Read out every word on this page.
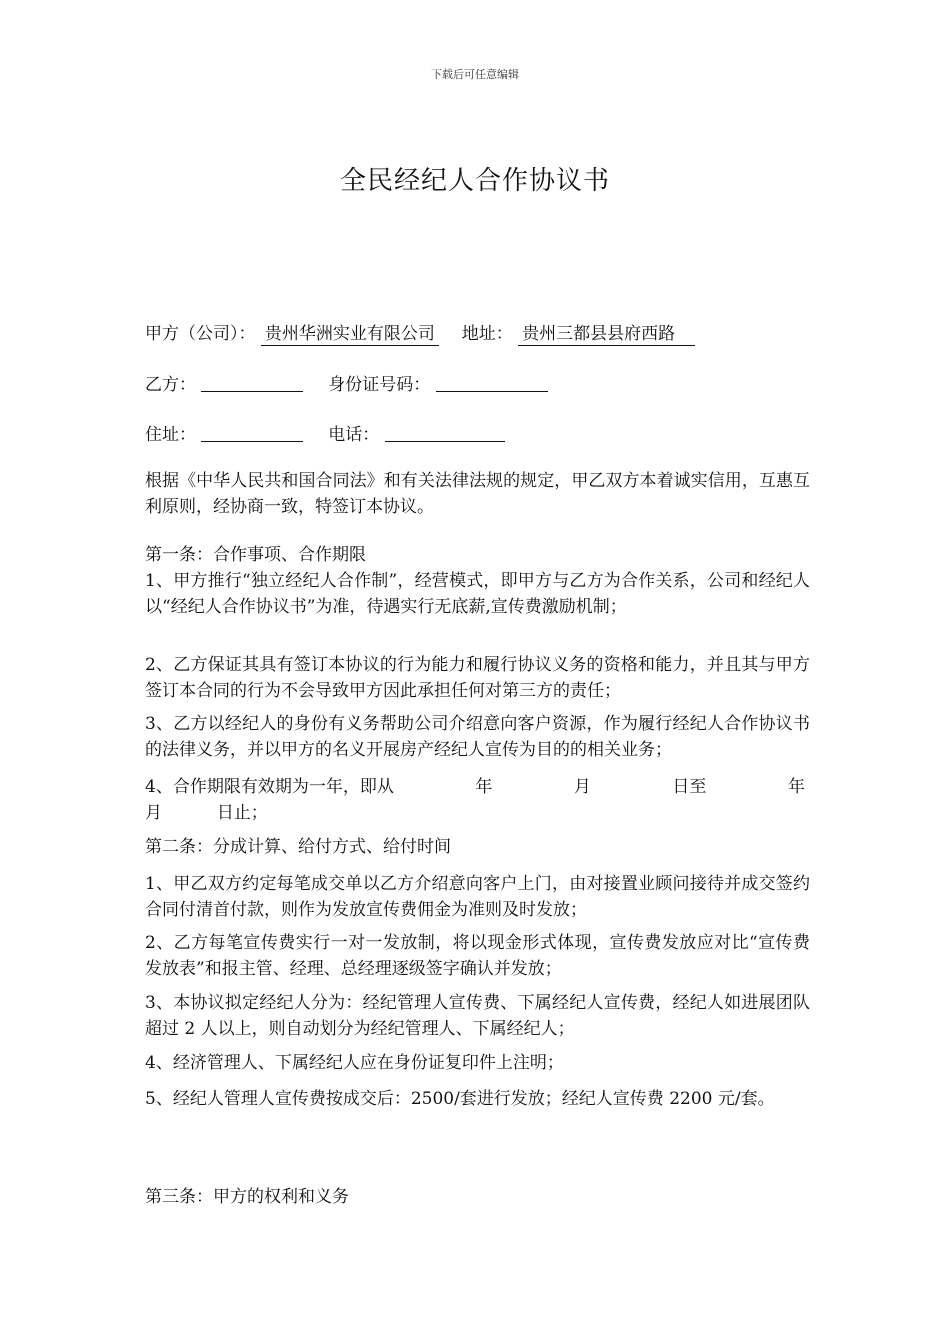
下载后可任意编辑
全民经纪人合作协议书
甲方（公司）： 贵州华洲实业有限公司 地址： 贵州三都县县府西路
乙方：	身份证号码：
住址：	电话：
根据《中华人民共和国合同法》和有关法律法规的规定，甲乙双方本着诚实信用，互惠互利原则，经协商一致，特签订本协议。
第一条：合作事项、合作期限
1、甲方推行“独立经纪人合作制”，经营模式，即甲方与乙方为合作关系，公司和经纪人以“经纪人合作协议书”为准，待遇实行无底薪,宣传费激励机制；
2、乙方保证其具有签订本协议的行为能力和履行协议义务的资格和能力，并且其与甲方签订本合同的行为不会导致甲方因此承担任何对第三方的责任；
3、乙方以经纪人的身份有义务帮助公司介绍意向客户资源，作为履行经纪人合作协议书的法律义务，并以甲方的名义开展房产经纪人宣传为目的的相关业务；
4、合作期限有效期为一年，即从	年	月	日至	年
月	日止；
第二条：分成计算、给付方式、给付时间
1、甲乙双方约定每笔成交单以乙方介绍意向客户上门，由对接置业顾问接待并成交签约合同付清首付款，则作为发放宣传费佣金为准则及时发放；
2、乙方每笔宣传费实行一对一发放制，将以现金形式体现，宣传费发放应对比“宣传费发放表”和报主管、经理、总经理逐级签字确认并发放；
3、本协议拟定经纪人分为：经纪管理人宣传费、下属经纪人宣传费，经纪人如进展团队超过 2 人以上，则自动划分为经纪管理人、下属经纪人；
4、经济管理人、下属经纪人应在身份证复印件上注明；
5、经纪人管理人宣传费按成交后：2500/套进行发放；经纪人宣传费 2200 元/套。
第三条：甲方的权利和义务
